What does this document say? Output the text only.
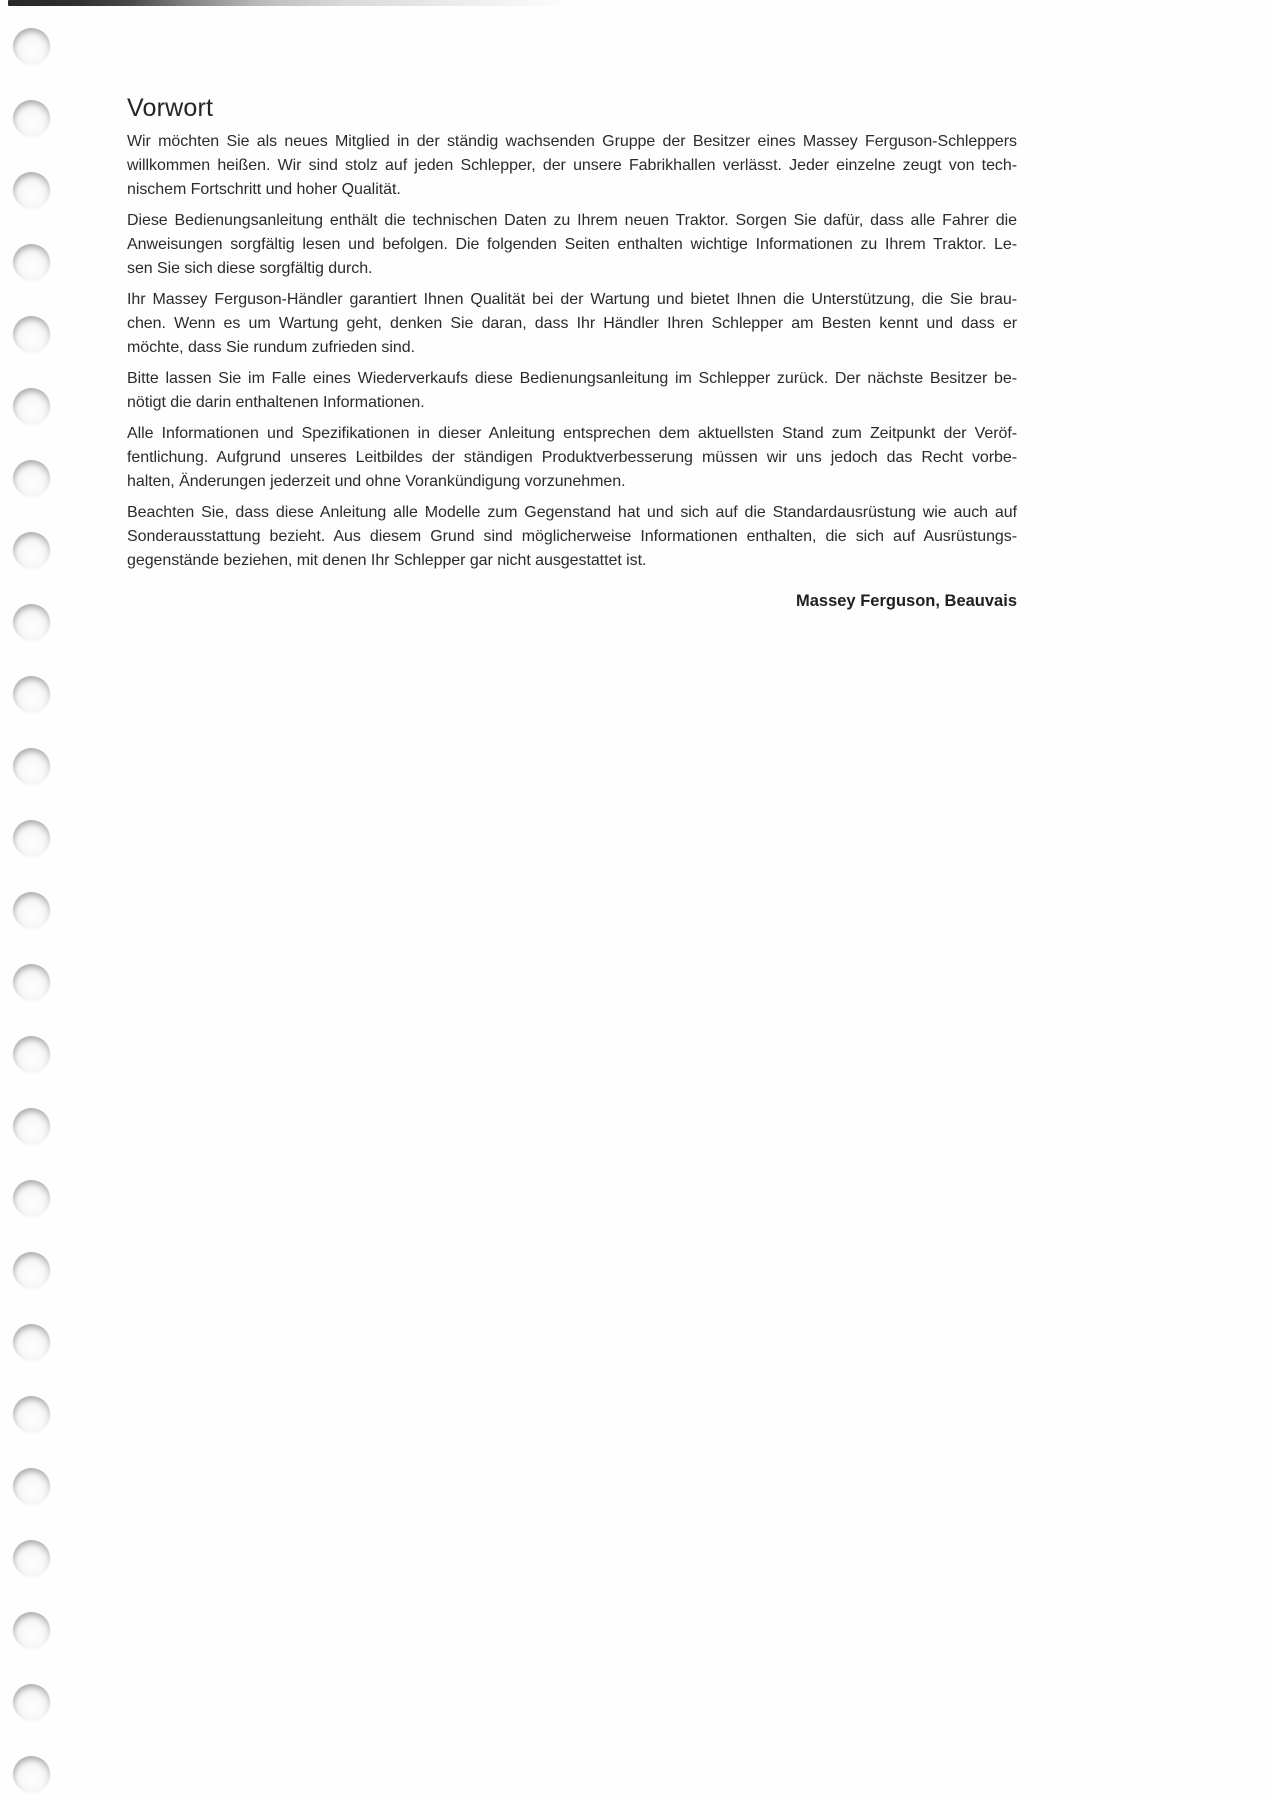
Vorwort
Wir möchten Sie als neues Mitglied in der ständig wachsenden Gruppe der Besitzer eines Massey Ferguson-Schleppers
willkommen heißen. Wir sind stolz auf jeden Schlepper, der unsere Fabrikhallen verlässt. Jeder einzelne zeugt von tech-
nischem Fortschritt und hoher Qualität.
Diese Bedienungsanleitung enthält die technischen Daten zu Ihrem neuen Traktor. Sorgen Sie dafür, dass alle Fahrer die
Anweisungen sorgfältig lesen und befolgen. Die folgenden Seiten enthalten wichtige Informationen zu Ihrem Traktor. Le-
sen Sie sich diese sorgfältig durch.
Ihr Massey Ferguson-Händler garantiert Ihnen Qualität bei der Wartung und bietet Ihnen die Unterstützung, die Sie brau-
chen. Wenn es um Wartung geht, denken Sie daran, dass Ihr Händler Ihren Schlepper am Besten kennt und dass er
möchte, dass Sie rundum zufrieden sind.
Bitte lassen Sie im Falle eines Wiederverkaufs diese Bedienungsanleitung im Schlepper zurück. Der nächste Besitzer be-
nötigt die darin enthaltenen Informationen.
Alle Informationen und Spezifikationen in dieser Anleitung entsprechen dem aktuellsten Stand zum Zeitpunkt der Veröf-
fentlichung. Aufgrund unseres Leitbildes der ständigen Produktverbesserung müssen wir uns jedoch das Recht vorbe-
halten, Änderungen jederzeit und ohne Vorankündigung vorzunehmen.
Beachten Sie, dass diese Anleitung alle Modelle zum Gegenstand hat und sich auf die Standardausrüstung wie auch auf
Sonderausstattung bezieht. Aus diesem Grund sind möglicherweise Informationen enthalten, die sich auf Ausrüstungs-
gegenstände beziehen, mit denen Ihr Schlepper gar nicht ausgestattet ist.
Massey Ferguson, Beauvais
